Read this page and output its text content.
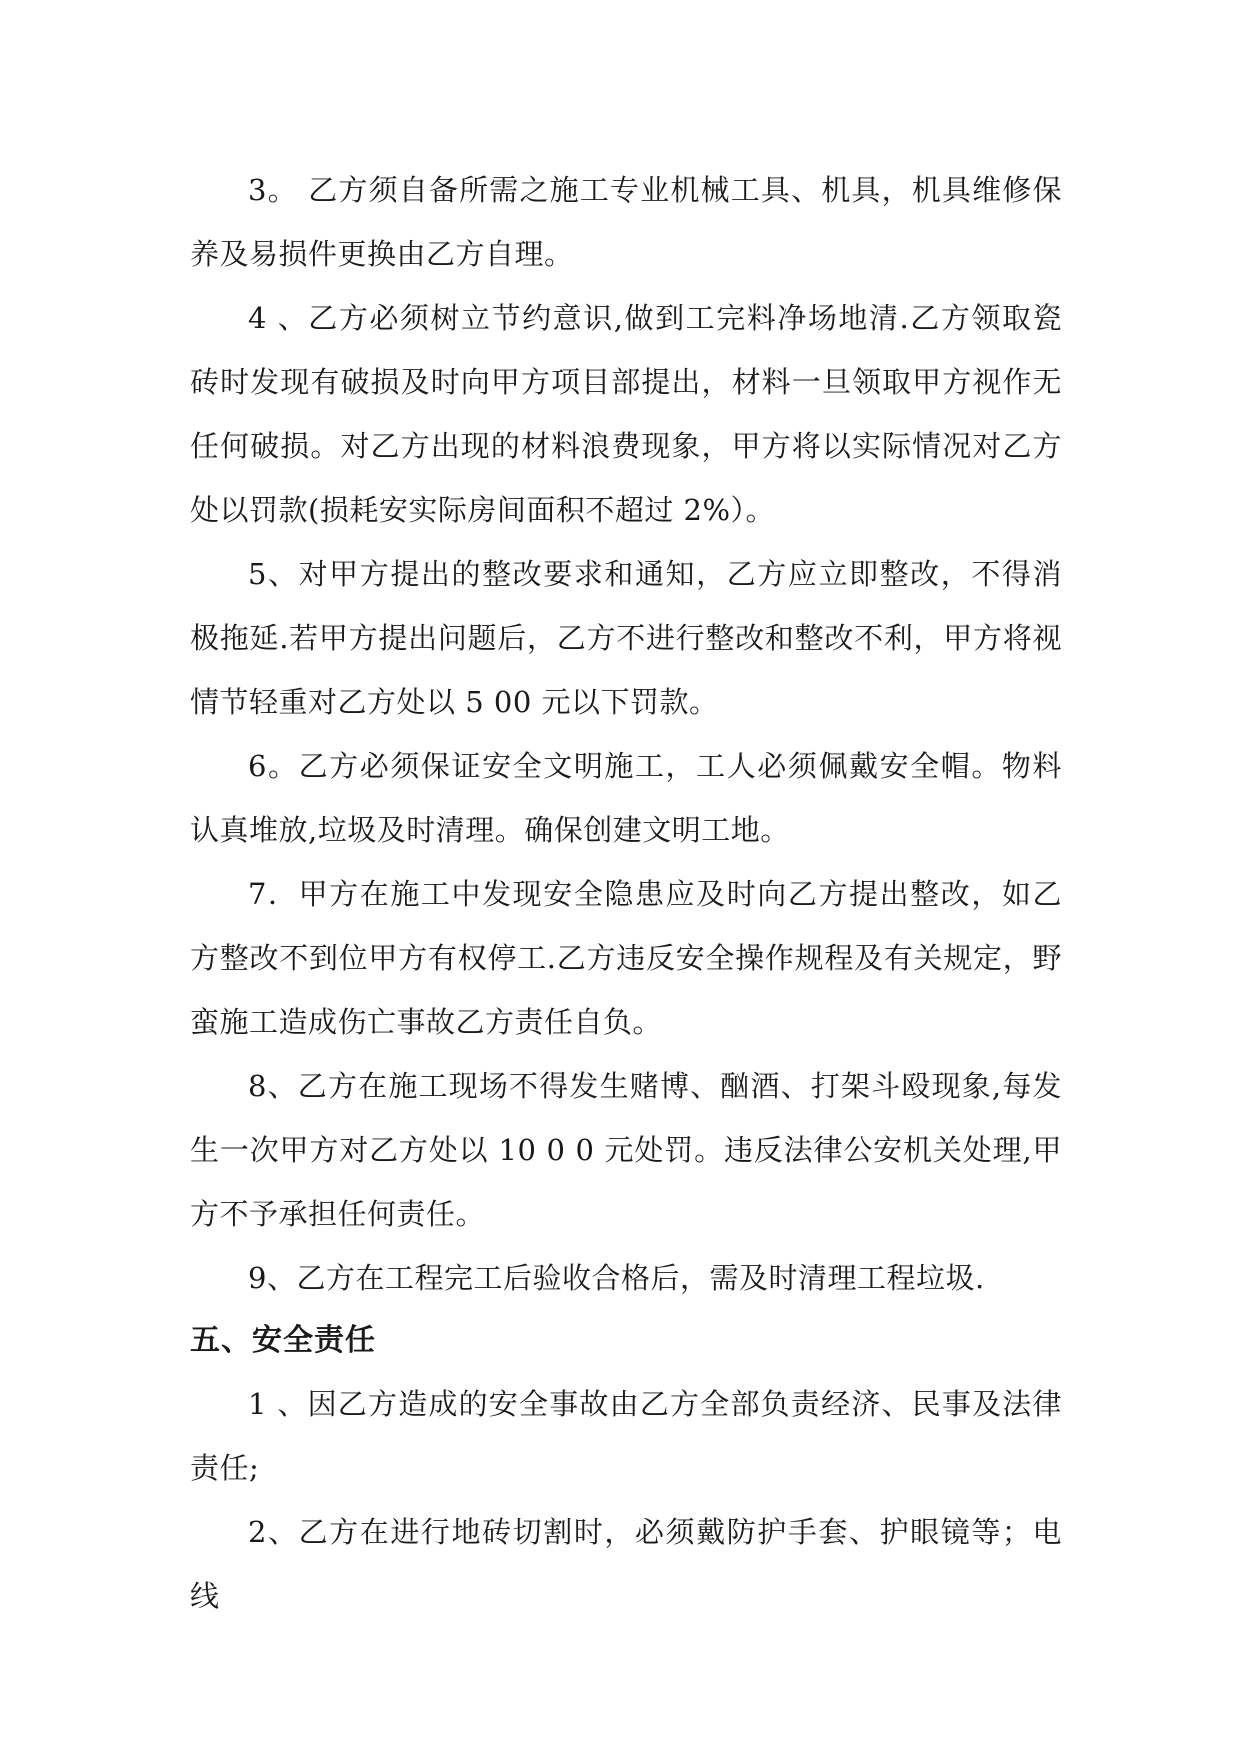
3。 乙方须自备所需之施工专业机械工具、机具，机具维修保养及易损件更换由乙方自理。

4 、乙方必须树立节约意识,做到工完料净场地清.乙方领取瓷砖时发现有破损及时向甲方项目部提出，材料一旦领取甲方视作无任何破损。对乙方出现的材料浪费现象，甲方将以实际情况对乙方处以罚款(损耗安实际房间面积不超过 2%）。

5、对甲方提出的整改要求和通知，乙方应立即整改，不得消极拖延.若甲方提出问题后，乙方不进行整改和整改不利，甲方将视情节轻重对乙方处以 5 00 元以下罚款。

6。乙方必须保证安全文明施工，工人必须佩戴安全帽。物料认真堆放,垃圾及时清理。确保创建文明工地。

7．甲方在施工中发现安全隐患应及时向乙方提出整改，如乙方整改不到位甲方有权停工.乙方违反安全操作规程及有关规定，野蛮施工造成伤亡事故乙方责任自负。

8、乙方在施工现场不得发生赌博、酗酒、打架斗殴现象,每发生一次甲方对乙方处以 10 0 0 元处罚。违反法律公安机关处理,甲方不予承担任何责任。

9、乙方在工程完工后验收合格后，需及时清理工程垃圾.

五、安全责任

1 、因乙方造成的安全事故由乙方全部负责经济、民事及法律责任;

2、乙方在进行地砖切割时，必须戴防护手套、护眼镜等；电线
